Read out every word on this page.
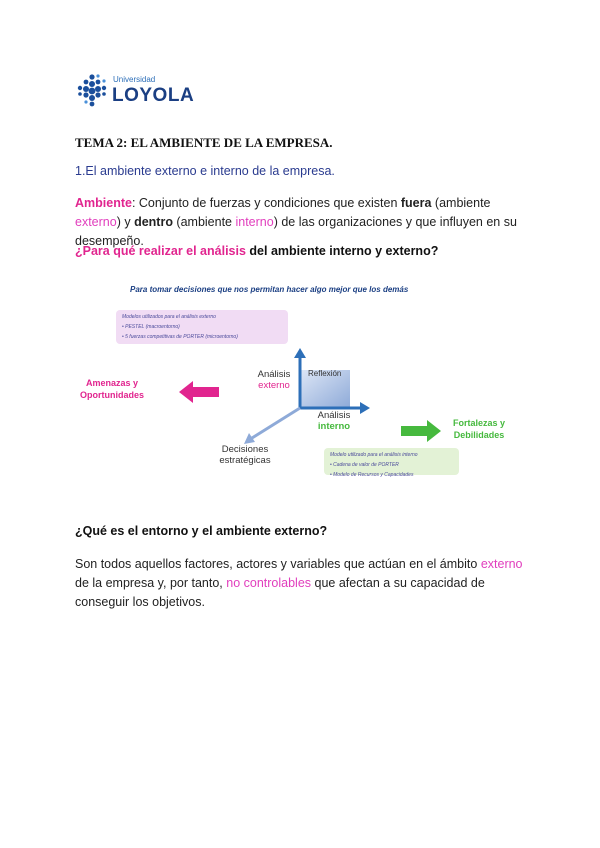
Universidad
LOYOLA
TEMA 2: EL AMBIENTE DE LA EMPRESA.
1.El ambiente externo e interno de la empresa.
Ambiente: Conjunto de fuerzas y condiciones que existen fuera (ambiente externo) y dentro (ambiente interno) de las organizaciones y que influyen en su desempeño.
¿Para qué realizar el análisis del ambiente interno y externo?
Para tomar decisiones que nos permitan hacer algo mejor que los demás
Modelos utilizados para el análisis externo
• PESTEL (macroentorno)
• 5 fuerzas competitivas de PORTER (microentorno)
Amenazas y Oportunidades
Análisis
externo
Reflexión
Análisis
interno
Decisiones estratégicas
Fortalezas y Debilidades
Modelo utilizado para el análisis interno
• Cadena de valor de PORTER
• Modelo de Recursos y Capacidades
¿Qué es el entorno y el ambiente externo?
Son todos aquellos factores, actores y variables que actúan en el ámbito externo de la empresa y, por tanto, no controlables que afectan a su capacidad de conseguir los objetivos.
